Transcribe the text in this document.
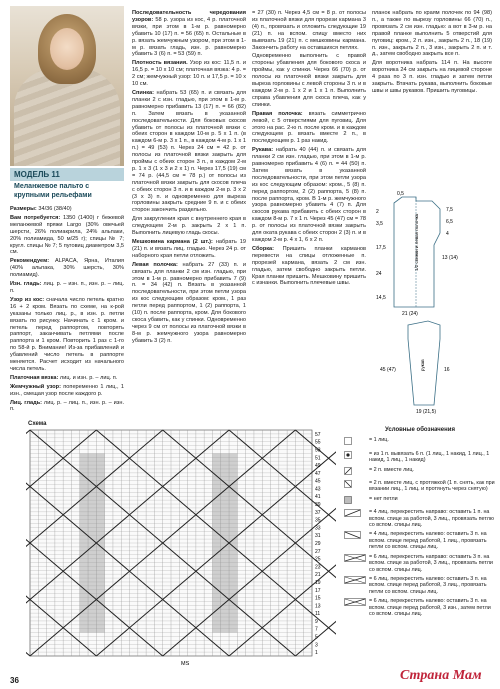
МОДЕЛЬ 11
Меланжевое пальто с крупными рельефами

Размеры: 34/36 (38/40)

Вам потребуется: 1350 (1400) г бежевой меланжевой пряжи Largo (30% овечьей шерсти, 26% полиакрила, 24% альпаки, 20% полиамида, 50 м/25 г); спицы № 7; кругл. спицы № 7; 5 пуговиц диаметром 3,5 см.

Рекомендуем: ALPACA, Ярна, Италия (40% альпака, 30% шерсть, 30% полиамид).

Изн. гладь: лиц. р. – изн. п., изн. р. – лиц. п.

Узор из кос: сначала число петель кратно 16 + 2 кром. Вязать по схеме, на к-рой указаны только лиц. р., в изн. р. петли вязать по рисунку. Начинать с 1 кром. и петель перед раппортом, повторять раппорт, заканчивать петлями после раппорта и 1 кром. Повторить 1 раз с 1-го по 58-й р. Внимание! Из-за прибавлений и убавлений число петель в раппорте меняется. Расчет исходит из начального числа петель.

Платочная вязка: лиц. и изн. р. – лиц. п.

Жемчужный узор: попеременно 1 лиц., 1 изн., смещая узор после каждого р.

Лиц. гладь: лиц. р. – лиц. п., изн. р. – изн. п.

Последовательность чередования узоров: 58 р. узора из кос, 4 р. платочной вязки, при этом в 1-м р. равномерно убавить 10 (17) п. = 56 (65) п. Остальные в р. вязать жемчужным узором, при этом в 1-м р. вязать гладь, изн. р. равномерно убавить 3 (6) п. = 53 (59) п.

Плотность вязания. Узор из кос: 11,5 п. и 16,5 р. = 10 х 10 см; платочная вязка: 4 р. = 2 см; жемчужный узор: 10 п. и 17,5 р. = 10 х 10 см.

Спинка: набрать 53 (65) п. и связать для планки 2 с изн. гладью, при этом в 1-м р. равномерно прибавить 13 (17) п. = 66 (82) п. Затем вязать в указанной последовательности. Для боковых скосов убавить от полосы из платочной вязки с обеих сторон в каждом 10-м р. 5 х 1 п. (в каждом 6-м р. 3 х 1 п., в каждом 4-м р. 1 х 1 п.) = 49 (53) п. Через 24 см = 42 р. от полосы из платочной вязки закрыть для проймы с обеих сторон 3 п., в каждом 2-м р. 1 х 3 (1 х 3 и 2 х 1) п. Через 17,5 (19) см = 74 р. (44,5 см = 78 р.) от полосы из платочной вязки закрыть для скосов плеча с обеих сторон 3 п. и в каждом 2-м р. 3 х 2 (3 х 3) п. и одновременно для выреза горловины закрыть средние 9 п. и с обеих сторон закончить раздельно.

Для закругления края с внутреннего края в следующем 2-м р. закрыть 2 х 1 п. Выполнить лицевую гладь скосы.

Мешковина кармана (2 шт.): набрать 19 (21) п. и вязать лиц. гладью. Через 24 р. от наборного края петли отложить.

Левая полочка: набрать 27 (33) п. и связать для планки 2 см изн. гладью, при этом в 1-м р. равномерно прибавить 7 (9) п. = 34 (42) п. Вязать в указанной последовательности, при этом петли узора из кос следующим образом: кром., 1 раз петли перед раппортом, 1 (2) раппорта, 1 (10) п. после раппорта, кром. Для бокового скоса убавить, как у спинки. Одновременно через 9 см от полосы из платочной вязки в 8-м р. жемчужного узора равномерно убавить 3 (2) п.

= 27 (30) п. Через 4,5 см = 8 р. от полосы из платочной вязки для прорези кармана 3 (4) п., провязать и отложить следующие 19 (21) п. на вспом. спицу вместо них вывязать 19 (21) п. с мешковины кармана. Закончить работу на оставшихся петлях.

Одновременно выполнить с правой стороны убавления для бокового скоса и проймы, как у спинки. Через 66 (70) р. от полосы из платочной вязки закрыть для выреза горловины с левой стороны 3 п. и в каждом 2-м р. 1 х 2 и 1 х 1 п. Выполнить справа убавления для скоса плеча, как у спинки.

Правая полочка: вязать симметрично левой, с 5 отверстиями для пуговиц. Для этого на рас. 2-ю п. после кром. и в каждом следующем р. вязать вместе 2 п., в последующем р. 1 раз накид.

Рукава: набрать 40 (44) п. и связать для планки 2 см изн. гладью, при этом в 1-м р. равномерно прибавить 4 (6) п. = 44 (50) п. Затем вязать в указанной последовательности, при этом петли узора из кос следующим образом: кром., 5 (8) п. перед раппортом, 2 (2) раппорта, 5 (8) п. после раппорта, кром. В 1-м р. жемчужного узора равномерно убавить 4 (7) п. Для скосов рукава прибавить с обеих сторон в каждом 8-м р. 7 х 1 п. Через 45 (47) см = 78 р. от полосы из платочной вязки закрыть для оката рукава с обеих сторон 2 (3) п. и в каждом 2-м р. 4 х 1, 6 х 2 п.

Сборка: Пришить планки карманов перевести на спицы отложенные п. прорезей кармана, вязать 2 см изн. гладью, затем свободно закрыть петли. Края планки пришить. Мешковину пришить с изнанки. Выполнить плечевые швы.

планок набрать по краям полочек по 94 (98) п., а также по вырезу горловины 66 (70) п., провязать 2 см изн. гладью: а вот в 3-м р. на правой планке выполнить 5 отверстий для пуговиц: кром., 2 п. изн., закрыть 2 п., 18 (19) п. изн., закрыть 2 п., 3 изн., закрыть 2 п. и т. д., затем свободно закрыть все п.

Для воротника набрать 114 п. На высоте воротника 24 см закрыть на лицевой стороне 4 раза по 3 п. изн. гладью и затем петли закрыть. Втачать рукава, выполнить боковые швы и швы рукавов. Пришить пуговицы.

0,5
2
3,5
17,5
24
14,5
7,5
6,5
4
1/2 спинки и левая полочка
21 (24)
13 (14)
19 (21,5)
рукав
45 (47)	16
Схема
57
55
53
51
49
47
45
43
41
39
37
35
33
31
29
27
25
23
21
19
17
15
13
11
9
7
5
3
1
MS
Условные обозначения
= 1 лиц.
= из 1 п. вывязать 6 п. (1 лиц., 1 накид, 1 лиц., 1 накид, 1 лиц., 1 накид)
= 2 п. вместе лиц.
= 2 п. вместе лиц. с протяжкой (1 п. снять, как при вязании лиц., 1 лиц. и протянуть через снятую)
= нет петли
= 4 лиц. перекрестить направо: оставить 1 п. на вспом. спице за работой, 3 лиц., провязать петлю со вспом. спицы лиц.
= 4 лиц. перекрестить налево: оставить 3 п. на вспом. спице перед работой, 1 лиц., провязать петли со вспом. спицы лиц.
= 6 лиц. перекрестить направо: оставить 3 п. на вспом. спице за работой, 3 лиц., провязать петли со вспом. спицы лиц.
= 6 лиц. перекрестить налево: оставить 3 п. на вспом. спице перед работой, 3 лиц., провязать петли со вспом. спицы лиц.
= 6 лиц. перекрестить налево: оставить 3 п. на вспом. спице перед работой, 3 изн., затем петли со вспом. спицы лиц.
36	Страна Мам
